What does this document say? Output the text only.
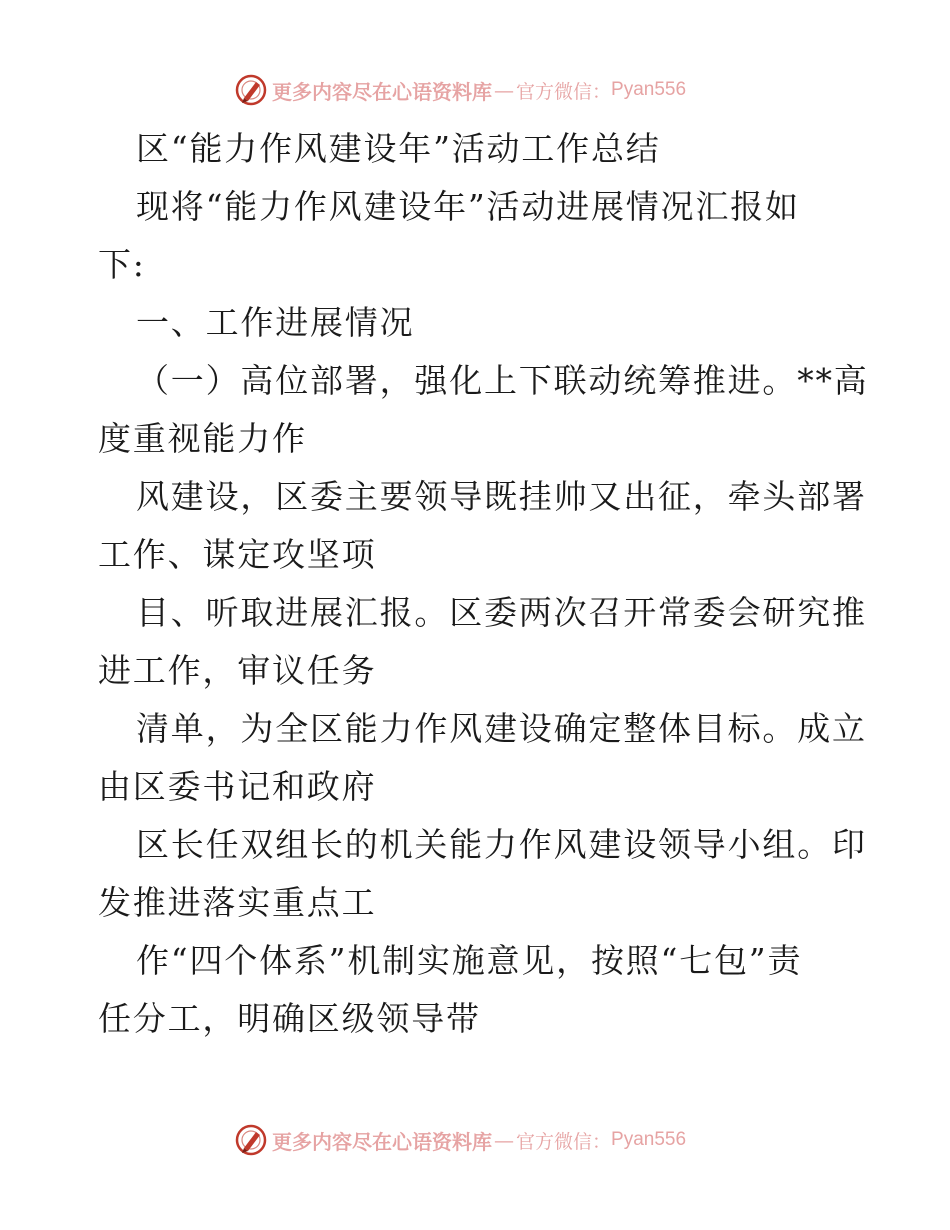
更多内容尽在心语资料库 — 官方微信： Pyan556

区“能力作风建设年”活动工作总结

现将“能力作风建设年”活动进展情况汇报如

下:

一、工作进展情况

（一）高位部署，强化上下联动统筹推进。**高

度重视能力作

风建设，区委主要领导既挂帅又出征，牵头部署

工作、谋定攻坚项

目、听取进展汇报。区委两次召开常委会研究推

进工作，审议任务

清单，为全区能力作风建设确定整体目标。成立

由区委书记和政府

区长任双组长的机关能力作风建设领导小组。印

发推进落实重点工

作“四个体系”机制实施意见，按照“七包”责

任分工，明确区级领导带

更多内容尽在心语资料库 — 官方微信： Pyan556
